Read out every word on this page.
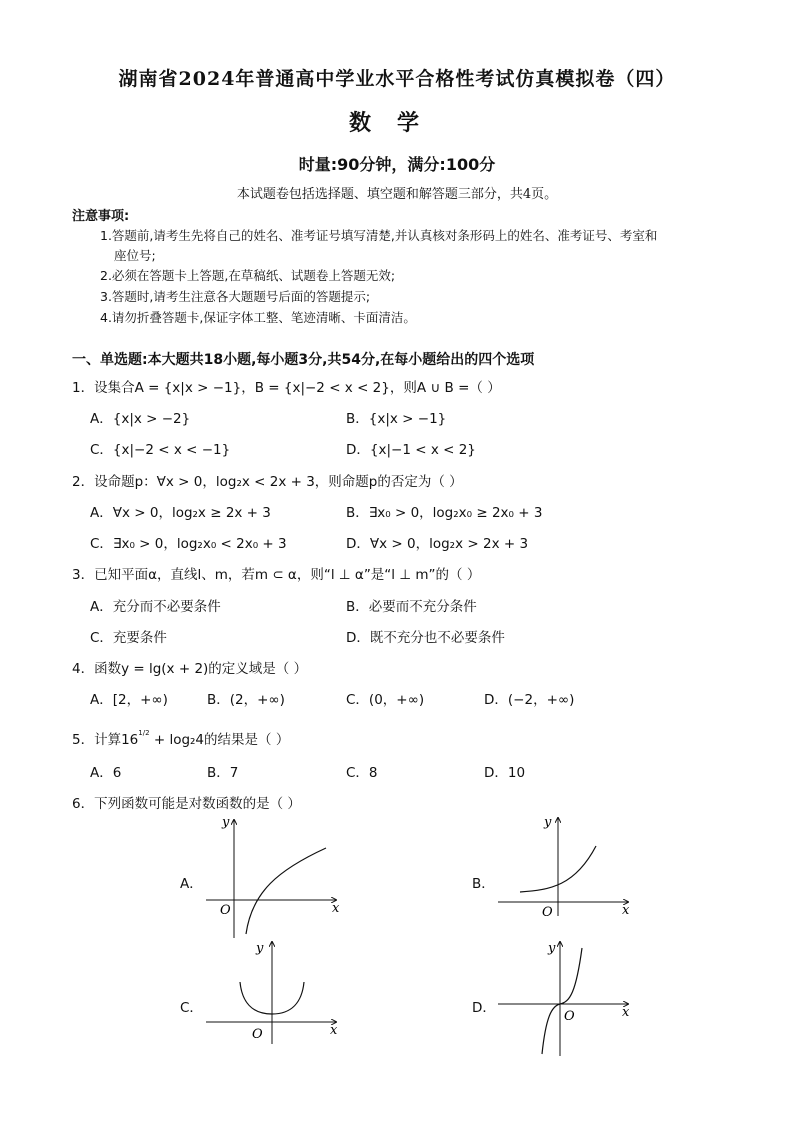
湖南省2024年普通高中学业水平合格性考试仿真模拟卷（四）
数学
时量:90分钟，满分:100分
本试题卷包括选择题、填空题和解答题三部分，共4页。
注意事项:
1.答题前,请考生先将自己的姓名、准考证号填写清楚,并认真核对条形码上的姓名、准考证号、考室和
座位号;
2.必须在答题卡上答题,在草稿纸、试题卷上答题无效;
3.答题时,请考生注意各大题题号后面的答题提示;
4.请勿折叠答题卡,保证字体工整、笔迹清晰、卡面清洁。
一、单选题:本大题共18小题,每小题3分,共54分,在每小题给出的四个选项
1．设集合A = {x|x > −1}，B = {x|−2 < x < 2}，则A ∪ B =（ ）
A．{x|x > −2}	B．{x|x > −1}
C．{x|−2 < x < −1}	D．{x|−1 < x < 2}
2．设命题p：∀x > 0，log₂x < 2x + 3，则命题p的否定为（ ）
A．∀x > 0，log₂x ≥ 2x + 3	B．∃x₀ > 0，log₂x₀ ≥ 2x₀ + 3
C．∃x₀ > 0，log₂x₀ < 2x₀ + 3	D．∀x > 0，log₂x > 2x + 3
3．已知平面α，直线l、m，若m ⊂ α，则“l ⊥ α”是“l ⊥ m”的（ ）
A．充分而不必要条件	B．必要而不充分条件
C．充要条件	D．既不充分也不必要条件
4．函数y = lg(x + 2)的定义域是（ ）
A．[2，+∞)	B．(2，+∞)	C．(0，+∞)	D．(−2，+∞)
5．计算$16^{1/2} + \log_24$的结果是（ ）
A．6	B．7	C．8	D．10
6．下列函数可能是对数函数的是（ ）
A．	B．
C．	D．
y
x
O
y
x
O
y
x
O
y
x
O
